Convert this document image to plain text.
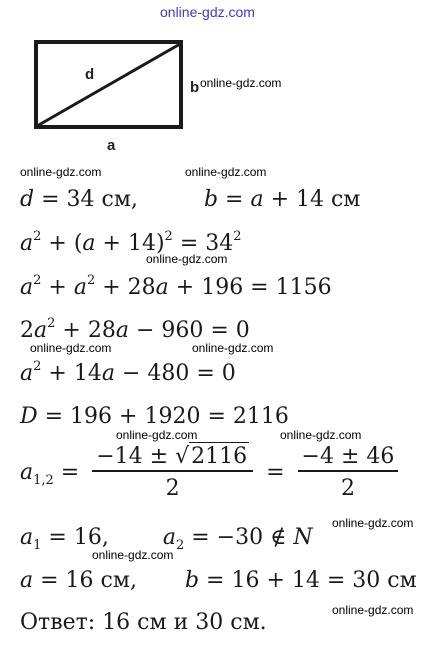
online-gdz.com
online-gdz.com
online-gdz.com	online-gdz.com
online-gdz.com
online-gdz.com	online-gdz.com
online-gdz.com	online-gdz.com
online-gdz.com
online-gdz.com
online-gdz.com
d
b
a
d = 34 см,	b = a + 14 см
$a^2 + (a + 14)^2 = 34^2$
$a^2 + a^2 + 28a + 196 = 1156$
$2a^2 + 28a - 960 = 0$
$a^2 + 14a - 480 = 0$
D = 196 + 1920 = 2116
$a_{1,2} = \frac{-14 \pm √2116}{2} = \frac{-4 \pm 46}{2}$
$a_1 = 16$, $a_2 = -30$ ∉ N
a = 16 см, b = 16 + 14 = 30 см
Ответ: 16 см и 30 см.
